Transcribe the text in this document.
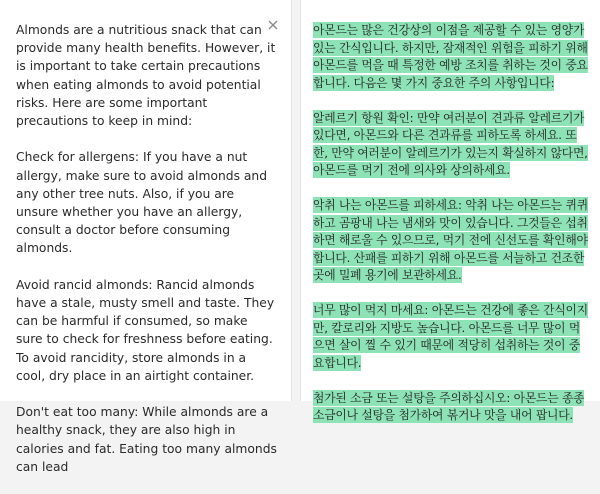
Almonds are a nutritious snack that can provide many health benefits. However, it is important to take certain precautions when eating almonds to avoid potential risks. Here are some important precautions to keep in mind:

Check for allergens: If you have a nut allergy, make sure to avoid almonds and any other tree nuts. Also, if you are unsure whether you have an allergy, consult a doctor before consuming almonds.

Avoid rancid almonds: Rancid almonds have a stale, musty smell and taste. They can be harmful if consumed, so make sure to check for freshness before eating. To avoid rancidity, store almonds in a cool, dry place in an airtight container.

Don't eat too many: While almonds are a healthy snack, they are also high in calories and fat. Eating too many almonds can lead

아몬드는 많은 건강상의 이점을 제공할 수 있는 영양가 있는 간식입니다. 하지만, 잠재적인 위험을 피하기 위해 아몬드를 먹을 때 특정한 예방 조치를 취하는 것이 중요합니다. 다음은 몇 가지 중요한 주의 사항입니다:

알레르기 항원 확인: 만약 여러분이 견과류 알레르기가 있다면, 아몬드와 다른 견과류를 피하도록 하세요. 또한, 만약 여러분이 알레르기가 있는지 확실하지 않다면, 아몬드를 먹기 전에 의사와 상의하세요.

악취 나는 아몬드를 피하세요: 악취 나는 아몬드는 퀴퀴하고 곰팡내 나는 냄새와 맛이 있습니다. 그것들은 섭취하면 해로울 수 있으므로, 먹기 전에 신선도를 확인해야 합니다. 산패를 피하기 위해 아몬드를 서늘하고 건조한 곳에 밀폐 용기에 보관하세요.

너무 많이 먹지 마세요: 아몬드는 건강에 좋은 간식이지만, 칼로리와 지방도 높습니다. 아몬드를 너무 많이 먹으면 살이 찔 수 있기 때문에 적당히 섭취하는 것이 중요합니다.

첨가된 소금 또는 설탕을 주의하십시오: 아몬드는 종종 소금이나 설탕을 첨가하여 볶거나 맛을 내어 팝니다.
